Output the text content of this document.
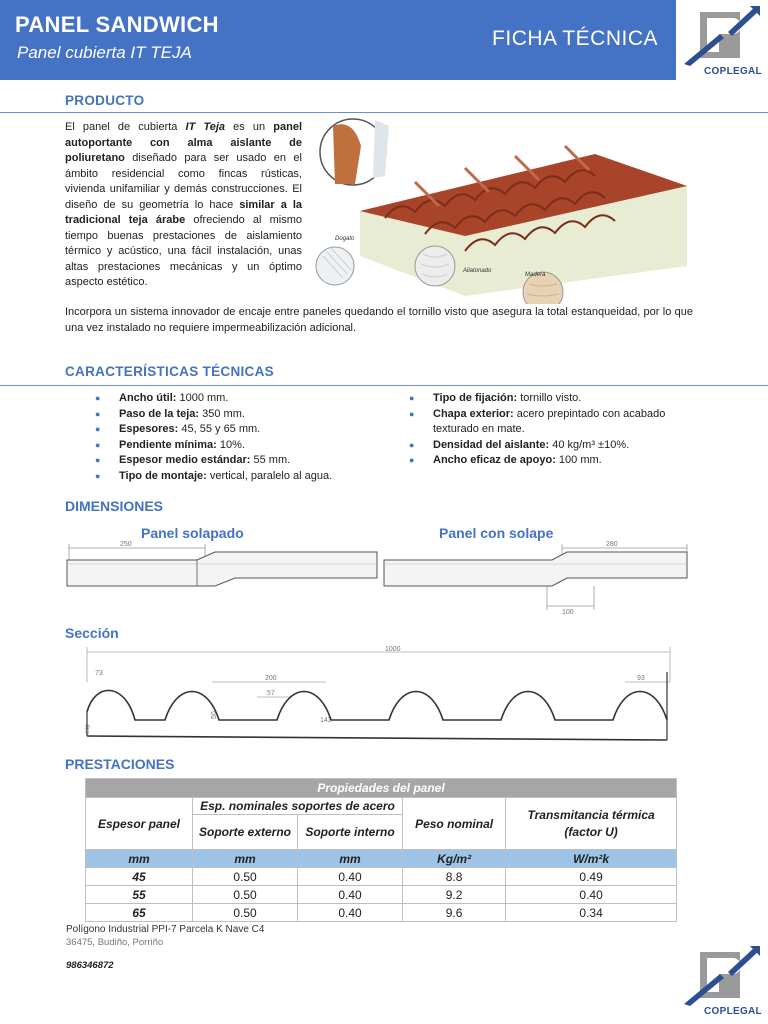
PANEL SANDWICH
Panel cubierta IT TEJA
FICHA TÉCNICA
COPLEGAL
PRODUCTO
El panel de cubierta IT Teja es un panel autoportante con alma aislante de poliuretano diseñado para ser usado en el ámbito residencial como fincas rústicas, vivienda unifamiliar y demás construcciones. El diseño de su geometría lo hace similar a la tradicional teja árabe ofreciendo al mismo tiempo buenas prestaciones de aislamiento térmico y acústico, una fácil instalación, unas altas prestaciones mecánicas y un óptimo aspecto estético.
Dogato
Aliatonado
Madera
Incorpora un sistema innovador de encaje entre paneles quedando el tornillo visto que asegura la total estanqueidad, por lo que una vez instalado no requiere impermeabilización adicional.
CARACTERÍSTICAS TÉCNICAS
● Ancho útil: 1000 mm.
● Paso de la teja: 350 mm.
● Espesores: 45, 55 y 65 mm.
● Pendiente mínima: 10%.
● Espesor medio estándar: 55 mm.
● Tipo de montaje: vertical, paralelo al agua.
● Tipo de fijación: tornillo visto.
● Chapa exterior: acero prepintado con acabado texturado en mate.
● Densidad del aislante: 40 kg/m³ ±10%.
● Ancho eficaz de apoyo: 100 mm.
DIMENSIONES
Panel solapado	Panel con solape
250	280
100
Sección
1000
73
200
57
50
143
93
esp
PRESTACIONES
Propiedades del panel				
Espesor panel	Esp. nominales soportes de acero		Peso nominal	Transmitancia térmica (factor U)
	Soporte externo	Soporte interno		
mm	mm	mm	Kg/m²	W/m²k
45	0.50	0.40	8.8	0.49
55	0.50	0.40	9.2	0.40
65	0.50	0.40	9.6	0.34
Polígono Industrial PPI-7 Parcela K Nave C4
36475, Budiño, Porriño
986346872
COPLEGAL
